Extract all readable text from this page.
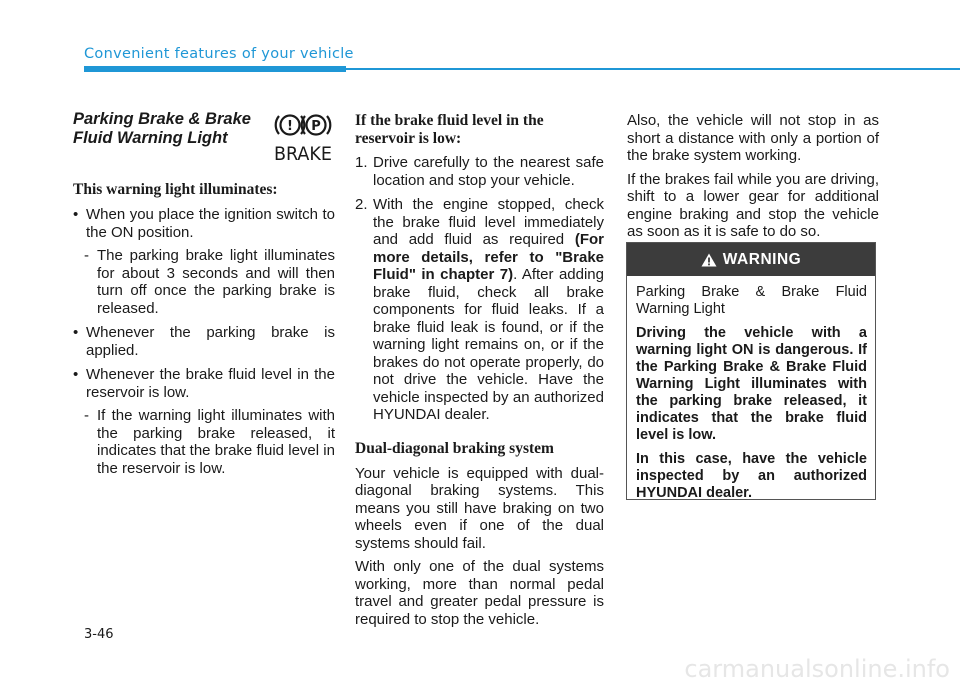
Convenient features of your vehicle
Parking Brake & Brake
Fluid Warning Light
! P
BRAKE
This warning light illuminates:
• When you place the ignition switch to the ON position.
- The parking brake light illuminates for about 3 seconds and will then turn off once the parking brake is released.
• Whenever the parking brake is applied.
• Whenever the brake fluid level in the reservoir is low.
- If the warning light illuminates with the parking brake released, it indicates that the brake fluid level in the reservoir is low.
If the brake fluid level in the reservoir is low:
1. Drive carefully to the nearest safe location and stop your vehicle.
2. With the engine stopped, check the brake fluid level immediately and add fluid as required (For more details, refer to "Brake Fluid" in chapter 7). After adding brake fluid, check all brake components for fluid leaks. If a brake fluid leak is found, or if the warning light remains on, or if the brakes do not operate properly, do not drive the vehicle. Have the vehicle inspected by an authorized HYUNDAI dealer.
Dual-diagonal braking system

Your vehicle is equipped with dual-diagonal braking systems. This means you still have braking on two wheels even if one of the dual systems should fail.

With only one of the dual systems working, more than normal pedal travel and greater pedal pressure is required to stop the vehicle.

Also, the vehicle will not stop in as short a distance with only a portion of the brake system working.

If the brakes fail while you are driving, shift to a lower gear for additional engine braking and stop the vehicle as soon as it is safe to do so.

WARNING

Parking Brake & Brake Fluid Warning Light

Driving the vehicle with a warning light ON is dangerous. If the Parking Brake & Brake Fluid Warning Light illuminates with the parking brake released, it indicates that the brake fluid level is low.

In this case, have the vehicle inspected by an authorized HYUNDAI dealer.

3-46
carmanualsonline.info
